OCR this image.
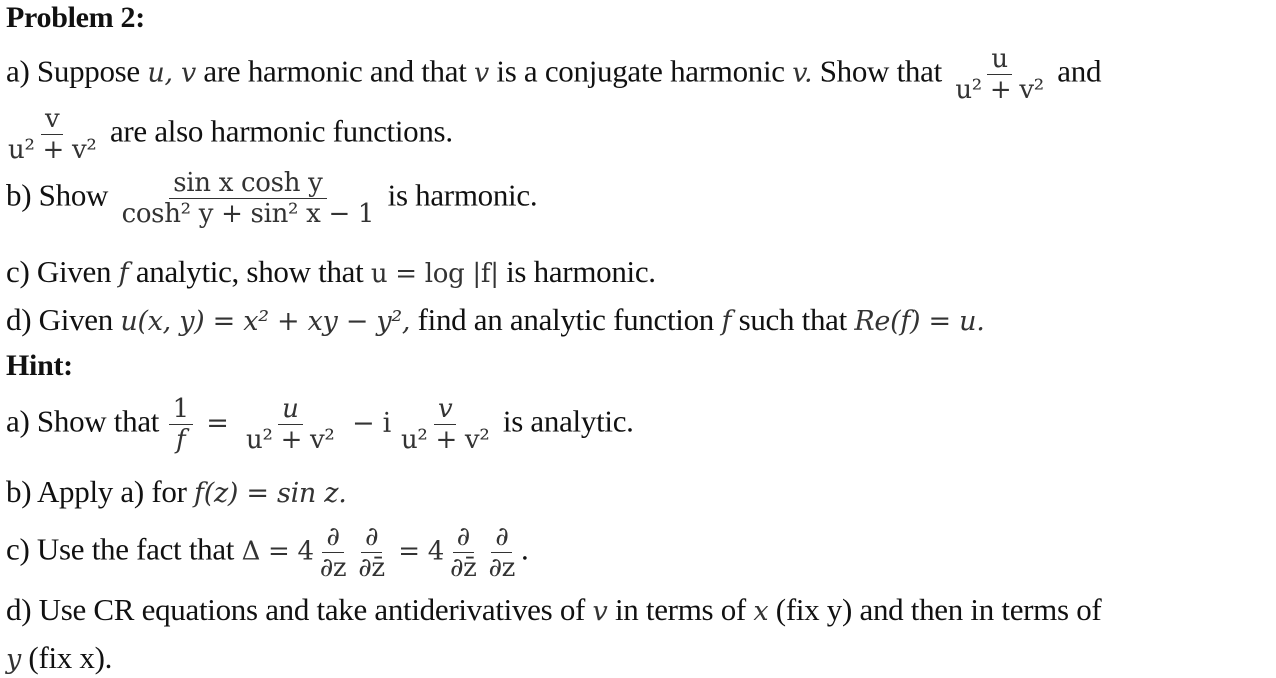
Problem 2:
a) Suppose u, v are harmonic and that v is a conjugate harmonic v. Show that $\frac{u}{\text{u² + v²}}$ and
$\frac{v}{\text{u² + v²}}$ are also harmonic functions.
b) Show $\frac{\text{sin x cosh y}}{\text{cosh² y + sin² x − 1}}$ is harmonic.
c) Given f analytic, show that u = log |f| is harmonic.
d) Given u(x, y) = x² + xy − y², find an analytic function f such that Re(f) = u.
Hint:
a) Show that $\frac{1}{f} = \frac{u}{\text{u² + v²}} - i \frac{v}{\text{u² + v²}}$ is analytic.
b) Apply a) for f(z) = sin z.
c) Use the fact that $\Delta = 4 \frac{\partial}{\partial z} \frac{\partial}{\partial z̄} = 4 \frac{\partial}{\partial z̄} \frac{\partial}{\partial z}$ .
d) Use CR equations and take antiderivatives of v in terms of x (fix y) and then in terms of
y (fix x).
